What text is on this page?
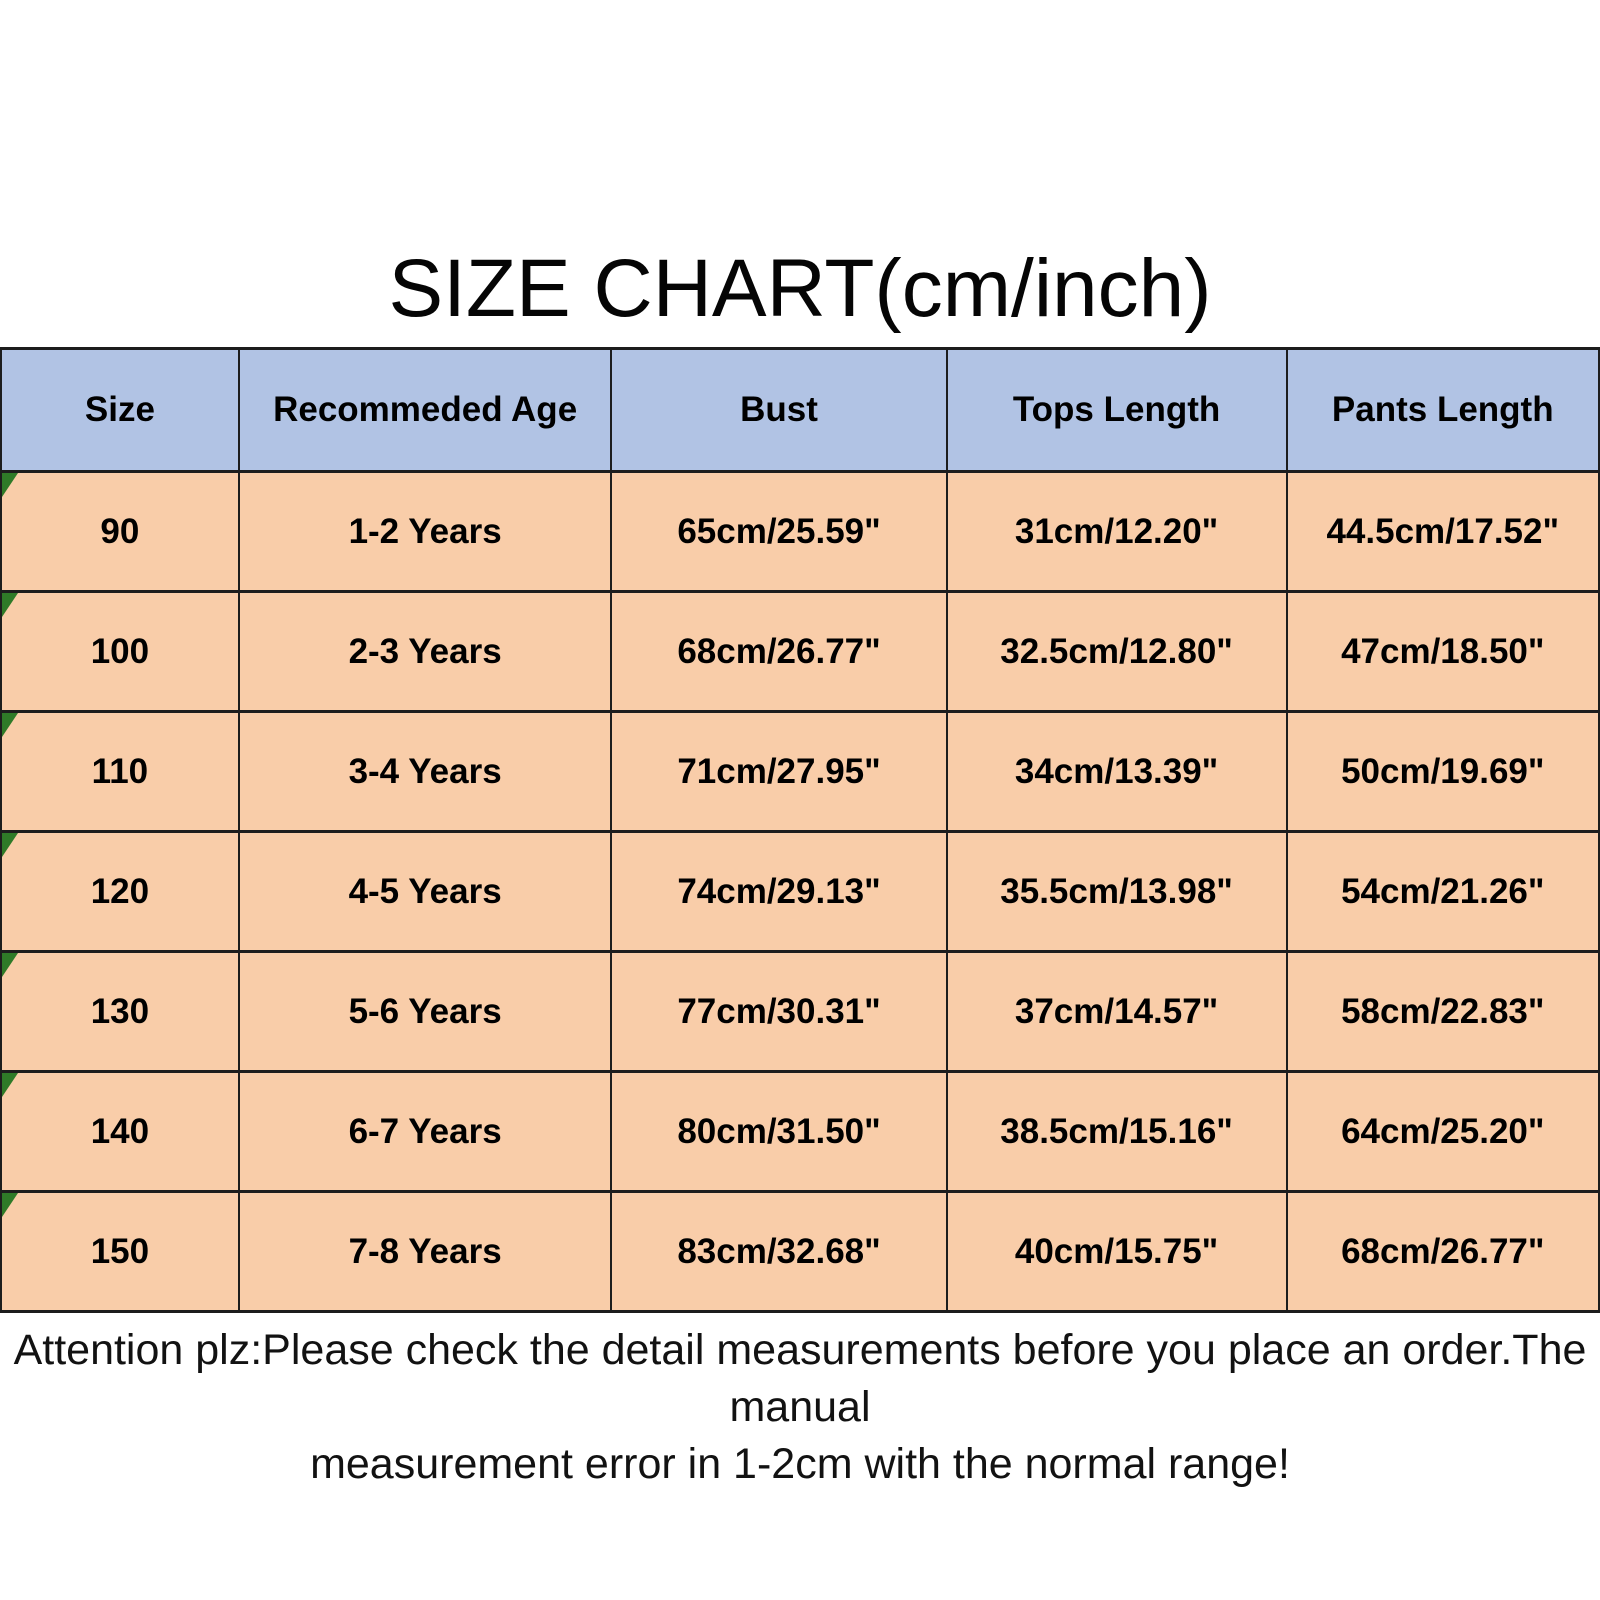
SIZE CHART(cm/inch)
Size	Recommeded Age	Bust	Tops Length	Pants Length
90	1-2 Years	65cm/25.59"	31cm/12.20"	44.5cm/17.52"
100	2-3 Years	68cm/26.77"	32.5cm/12.80"	47cm/18.50"
110	3-4 Years	71cm/27.95"	34cm/13.39"	50cm/19.69"
120	4-5 Years	74cm/29.13"	35.5cm/13.98"	54cm/21.26"
130	5-6 Years	77cm/30.31"	37cm/14.57"	58cm/22.83"
140	6-7 Years	80cm/31.50"	38.5cm/15.16"	64cm/25.20"
150	7-8 Years	83cm/32.68"	40cm/15.75"	68cm/26.77"
Attention plz:Please check the detail measurements before you place an order.The manual
measurement error in 1-2cm with the normal range!
